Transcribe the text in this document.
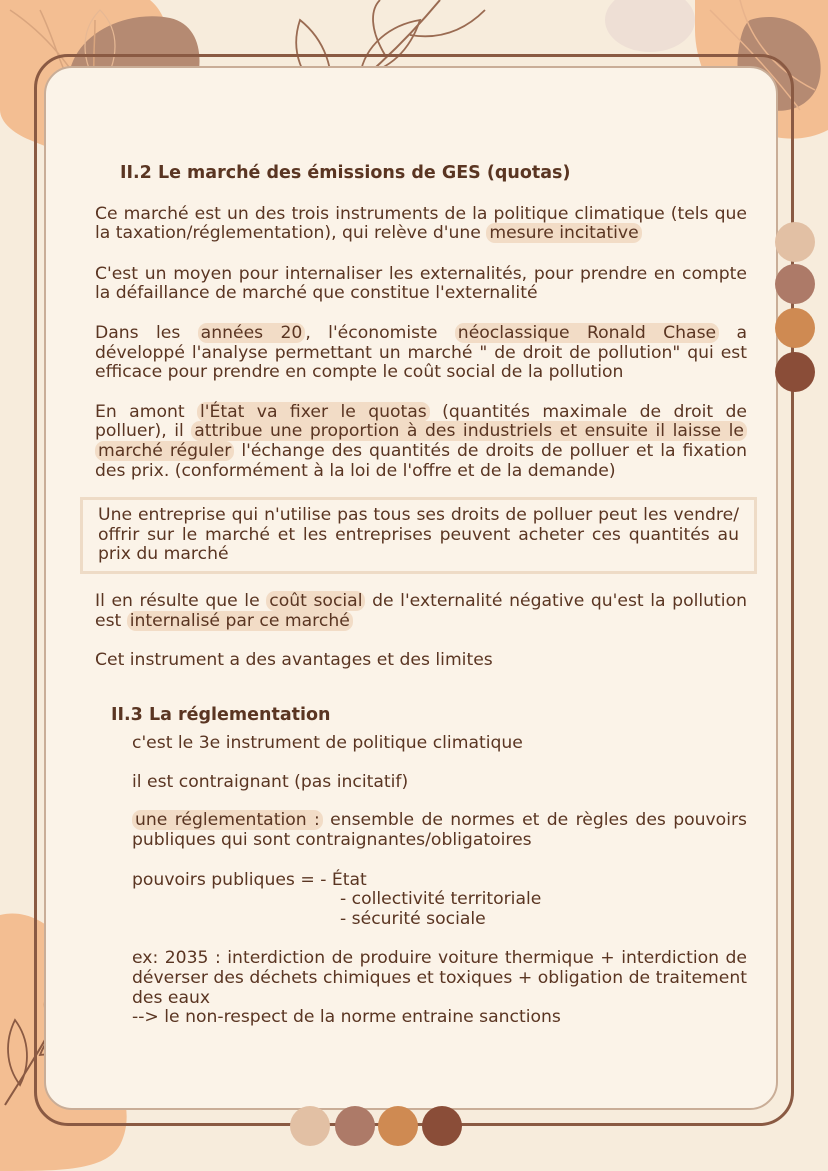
II.2 Le marché des émissions de GES (quotas)

Ce marché est un des trois instruments de la politique climatique (tels que la taxation/réglementation), qui relève d'une mesure incitative

C'est un moyen pour internaliser les externalités, pour prendre en compte la défaillance de marché que constitue l'externalité

Dans les années 20 , l'économiste néoclassique Ronald Chase a développé l'analyse permettant un marché " de droit de pollution" qui est efficace pour prendre en compte le coût social de la pollution

En amont l'État va fixer le quotas (quantités maximale de droit de polluer), il attribue une proportion à des industriels et ensuite il laisse le marché réguler l'échange des quantités de droits de polluer et la fixation des prix. (conformément à la loi de l'offre et de la demande)

Une entreprise qui n'utilise pas tous ses droits de polluer peut les vendre/ offrir sur le marché et les entreprises peuvent acheter ces quantités au prix du marché

Il en résulte que le coût social de l'externalité négative qu'est la pollution est internalisé par ce marché

Cet instrument a des avantages et des limites

II.3 La réglementation

c'est le 3e instrument de politique climatique

il est contraignant (pas incitatif)

une réglementation : ensemble de normes et de règles des pouvoirs publiques qui sont contraignantes/obligatoires

pouvoirs publiques = - État
- collectivité territoriale
- sécurité sociale

ex: 2035 : interdiction de produire voiture thermique + interdiction de déverser des déchets chimiques et toxiques + obligation de traitement des eaux

--> le non-respect de la norme entraine sanctions
